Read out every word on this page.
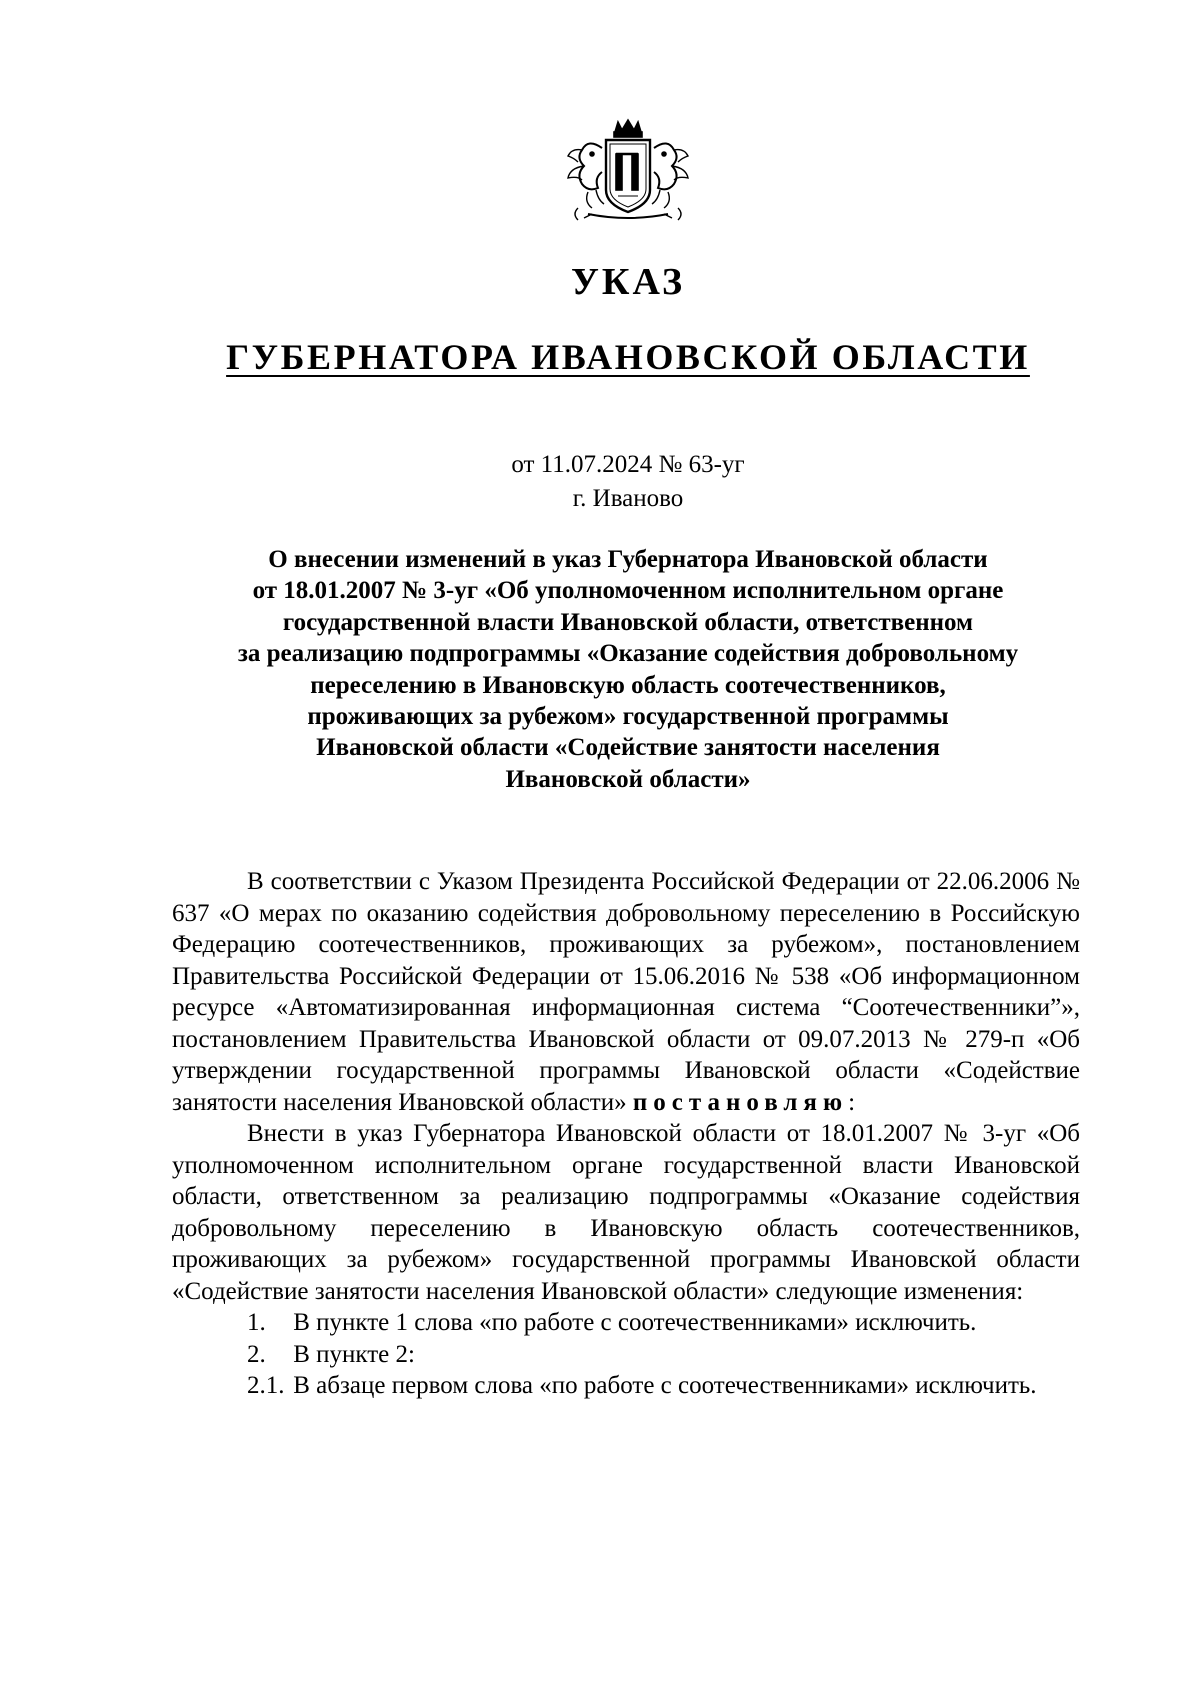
УКАЗ
ГУБЕРНАТОРА ИВАНОВСКОЙ ОБЛАСТИ
от 11.07.2024 № 63-уг
г. Иваново
О внесении изменений в указ Губернатора Ивановской области
от 18.01.2007 № 3-уг «Об уполномоченном исполнительном органе
государственной власти Ивановской области, ответственном
за реализацию подпрограммы «Оказание содействия добровольному
переселению в Ивановскую область соотечественников,
проживающих за рубежом» государственной программы
Ивановской области «Содействие занятости населения
Ивановской области»

В соответствии с Указом Президента Российской Федерации от 22.06.2006 № 637 «О мерах по оказанию содействия добровольному переселению в Российскую Федерацию соотечественников, проживающих за рубежом», постановлением Правительства Российской Федерации от 15.06.2016 № 538 «Об информационном ресурсе «Автоматизированная информационная система “Соотечественники”», постановлением Правительства Ивановской области от 09.07.2013 № 279-п «Об утверждении государственной программы Ивановской области «Содействие занятости населения Ивановской области» постановляю:

Внести в указ Губернатора Ивановской области от 18.01.2007 № 3-уг «Об уполномоченном исполнительном органе государственной власти Ивановской области, ответственном за реализацию подпрограммы «Оказание содействия добровольному переселению в Ивановскую область соотечественников, проживающих за рубежом» государственной программы Ивановской области «Содействие занятости населения Ивановской области» следующие изменения:

1. В пункте 1 слова «по работе с соотечественниками» исключить.

2. В пункте 2:

2.1. В абзаце первом слова «по работе с соотечественниками» исключить.
